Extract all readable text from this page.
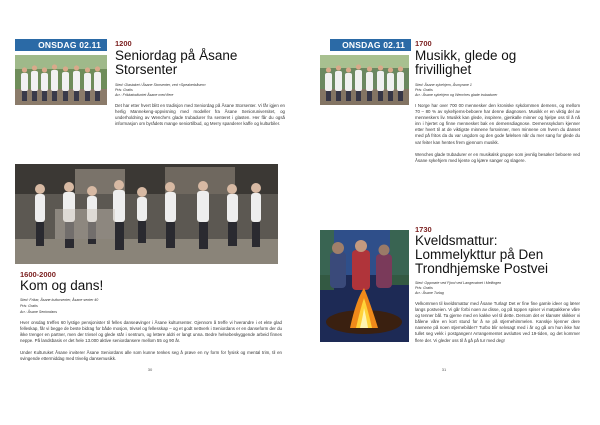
ONSDAG 02.11	1200
Seniordag på Åsane
Storsenter
Sted: Glastaket i Åsane Storsenter, ved «Speakerbåsen»
Pris: Gratis
Arr.: Frikkatodluntet Åsane med flere
Det har etter hvert blitt en tradisjon med Seniordag på Åsane Storsenter. Vi får igjen en herlig Mannekeng-oppvisning med modeller fra Åsane Senioruniversitet, og underholdning av Wenche's glade trubadurer fra senteret i glasten. Her får du også informasjon om byrådets mange seniortilbud, og Merry spanderer kaffe og kulturbiler.
1600-2000
Kom og dans!
Sted: Frikar, Åsane kultursenter, Åsane senter 40
Pris: Gratis
Arr.: Åsane Seniordans

Hver onsdag treffes 60 lystige pensjonister til felles danseøvinger i Åsane kultursenter. Gjennom å treffe vi hverandre i et ekte glad felleskap, får vi begge de beste bidrag for både mosjon, trivsel og fellesskap – og et godt nettverk i Seniordans er en danseform der du ikke trenger en partner, men der trivsel og glede står i sentrum, og lettere aldri er langt unna. Bedre helsebeskyggende arbeid finnes neppe. På landsbasis er det hele 13.000 aktive seniordansere mellom 55 og 90 år.

Under Kulturuket Åsane inviterer Åsane Seniordans alle som kunne tenkes seg å prøve en ny form for fysisk og mental trim, til en svingende ettermiddag med trivelig dansemusikk.

30
ONSDAG 02.11	1700
Musikk, glede og
frivillighet
Sted: Åsane sykehjem, Åsmyrane 1
Pris: Gratis
Arr.: Åsane sykehjem og Wenches glade trubadurer

I Norge har over 700 00 mennesker den kroniske sykdommen demens, og mellom 70 – 80 % av sykehjems-beboere har denne diagnosen. Musikk er en viktig del av menneskers liv. Musikk kan glede, inspirere, gjenkalle minner og hjelpe oss til å nå inn i hjertet og finne mennesket bak en demensdiagnose. Demenssykdom kjenner etter hvert til at de viktigste minnene forsvinner, men minnene om hvem du danset med på fritos da du var ungdom og den gode følelsen når du mer sang for glede du var feiter kan hentes frem gjennom musikk.

Wenches glade trubadurer er en musikalsk gruppe som jevnlig besøker beboere ved Åsane sykehjem med kjente og kjære sanger og slagere.

1730
Kveldsmattur:
Lommelykttur på Den
Trondhjemske Postvei
Sted: Oppmøte ved Fjord ved Langevatnet i Mellingen
Pris: Gratis
Arr.: Åsane Turlag
Velkommen til kveldsmattur med Åsane Turlag! Det er fine fine gamle ideer og lærer langs postveien. Vi går forbi noen av disse, og på toppen spiser vi matpakkene våre og tenner bål. Ta gjerne med en kakke vel til dette. Dersom det er klarvær skikker vi bålene våre en kort stund for å se på stjernehimmelen. Kanskje kjenner dere navnene på noen stjernebilder? Turbo blir selvsagt med i år og gå om hun ikke har tullet seg vekk i postgangen! Arrangementet avsluttes ved 19-tiden, og det kommer flere der. Vi gleder oss til å gå på tur med deg!
31
